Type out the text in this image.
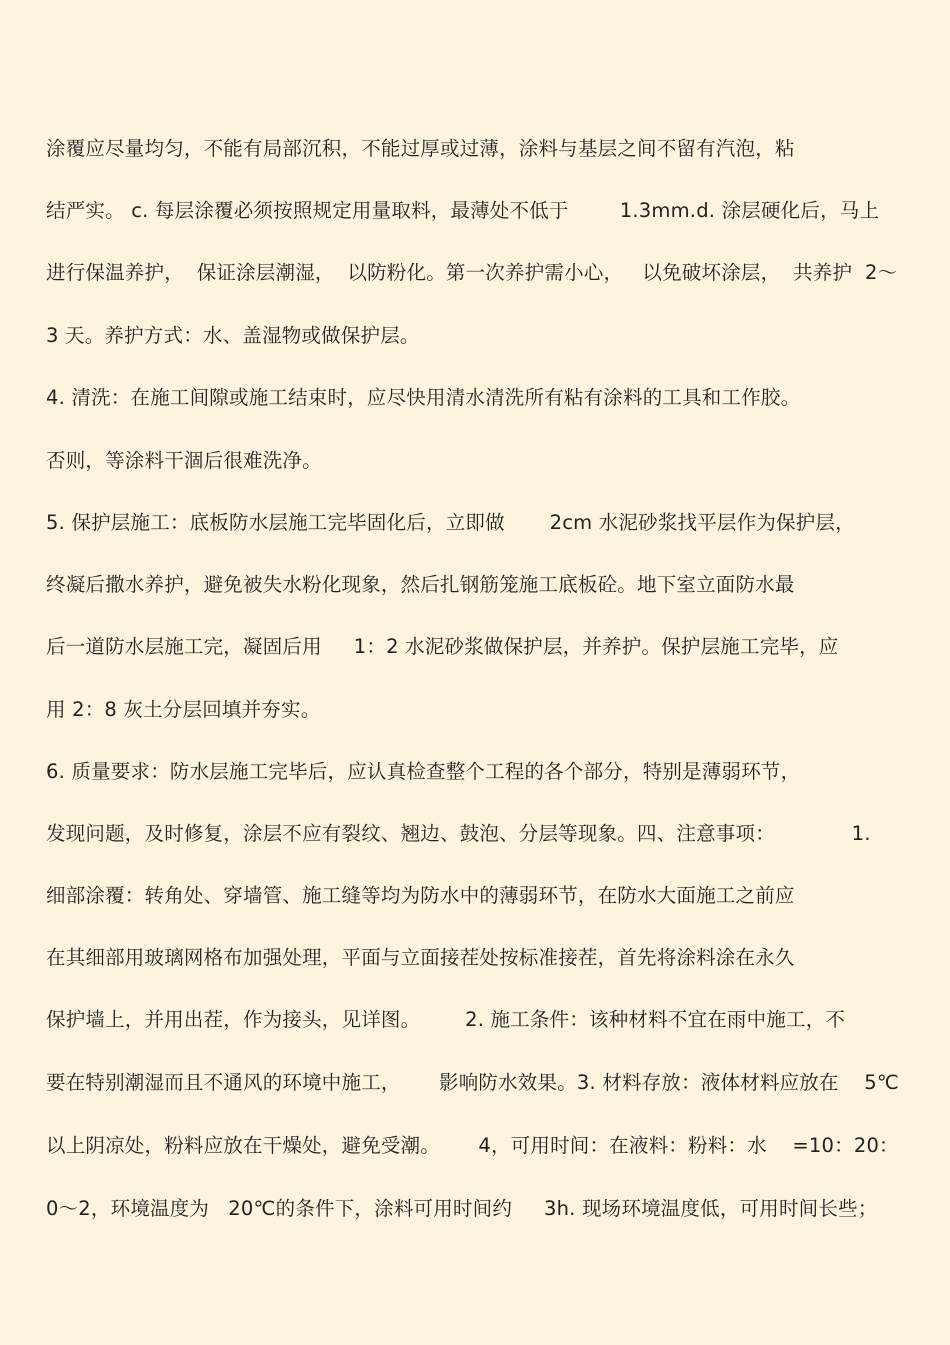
涂覆应尽量均匀，不能有局部沉积，不能过厚或过薄，涂料与基层之间不留有汽泡，粘
结严实。 c. 每层涂覆必须按照规定用量取料，最薄处不低于        1.3mm.d. 涂层硬化后，马上
进行保温养护，  保证涂层潮湿，  以防粉化。第一次养护需小心，   以免破坏涂层，  共养护  2～
3 天。养护方式：水、盖湿物或做保护层。
4. 清洗：在施工间隙或施工结束时，应尽快用清水清洗所有粘有涂料的工具和工作胶。
否则，等涂料干涸后很难洗净。
5. 保护层施工：底板防水层施工完毕固化后，立即做       2cm 水泥砂浆找平层作为保护层，
终凝后撒水养护，避免被失水粉化现象，然后扎钢筋笼施工底板砼。地下室立面防水最
后一道防水层施工完，凝固后用     1：2 水泥砂浆做保护层，并养护。保护层施工完毕，应
用 2：8 灰土分层回填并夯实。
6. 质量要求：防水层施工完毕后，应认真检查整个工程的各个部分，特别是薄弱环节，
发现问题，及时修复，涂层不应有裂纹、翘边、鼓泡、分层等现象。四、注意事项：            1.
细部涂覆：转角处、穿墙管、施工缝等均为防水中的薄弱环节，在防水大面施工之前应
在其细部用玻璃网格布加强处理，平面与立面接茬处按标准接茬，首先将涂料涂在永久
保护墙上，并用出茬，作为接头，见详图。       2. 施工条件：该种材料不宜在雨中施工，不
要在特别潮湿而且不通风的环境中施工，      影响防水效果。3. 材料存放：液体材料应放在    5℃
以上阴凉处，粉料应放在干燥处，避免受潮。      4，可用时间：在液料：粉料：水    =10：20：
0～2，环境温度为   20℃的条件下，涂料可用时间约     3h. 现场环境温度低，可用时间长些；
